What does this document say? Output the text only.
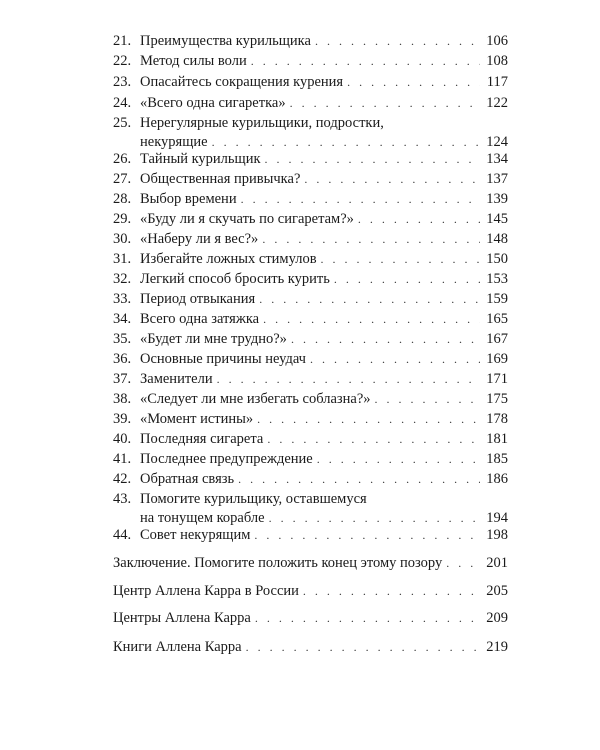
21. Преимущества курильщика . . .	106
22. Метод силы воли . . .	108
23. Опасайтесь сокращения курения . . .	117
24. «Всего одна сигаретка» . . .	122
25. Нерегулярные курильщики, подростки,
некурящие . . .	124
26. Тайный курильщик . . .	134
27. Общественная привычка? . . .	137
28. Выбор времени . . .	139
29. «Буду ли я скучать по сигаретам?» . . .	145
30. «Наберу ли я вес?» . . .	148
31. Избегайте ложных стимулов . . .	150
32. Легкий способ бросить курить . . .	153
33. Период отвыкания . . .	159
34. Всего одна затяжка . . .	165
35. «Будет ли мне трудно?» . . .	167
36. Основные причины неудач . . .	169
37. Заменители . . .	171
38. «Следует ли мне избегать соблазна?» . . .	175
39. «Момент истины» . . .	178
40. Последняя сигарета . . .	181
41. Последнее предупреждение . . .	185
42. Обратная связь . . .	186
43. Помогите курильщику, оставшемуся
на тонущем корабле . . .	194
44. Совет некурящим . . .	198
Заключение. Помогите положить конец этому позору . . .	201
Центр Аллена Карра в России . . .	205
Центры Аллена Карра . . .	209
Книги Аллена Карра . . .	219
